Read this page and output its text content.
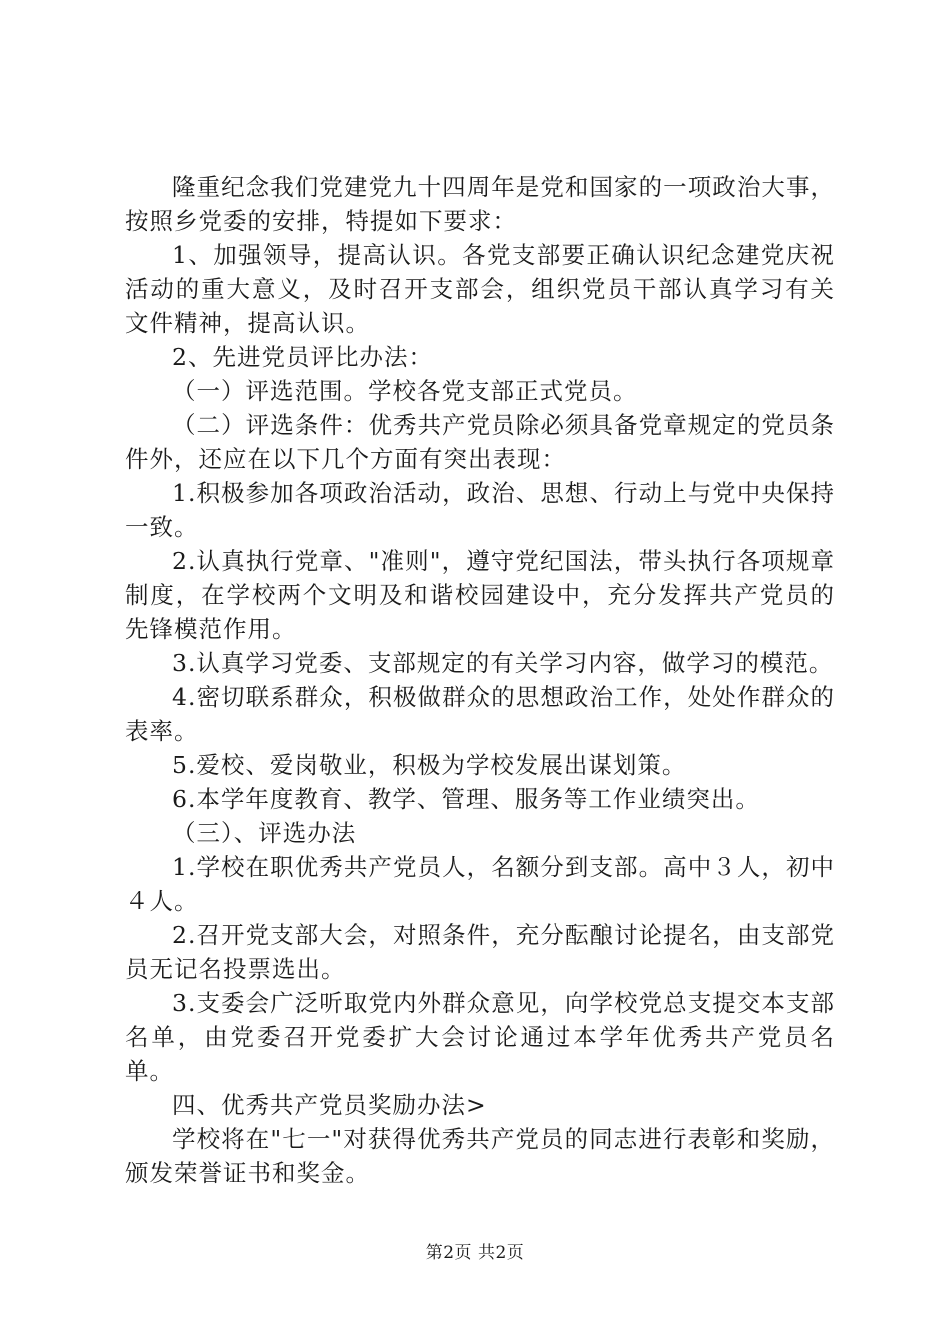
隆重纪念我们党建党九十四周年是党和国家的一项政治大事，按照乡党委的安排，特提如下要求：

1、加强领导，提高认识。各党支部要正确认识纪念建党庆祝活动的重大意义，及时召开支部会，组织党员干部认真学习有关文件精神，提高认识。

2、先进党员评比办法：

（一）评选范围。学校各党支部正式党员。

（二）评选条件：优秀共产党员除必须具备党章规定的党员条件外，还应在以下几个方面有突出表现：

1.积极参加各项政治活动，政治、思想、行动上与党中央保持一致。

2.认真执行党章、"准则"，遵守党纪国法，带头执行各项规章制度，在学校两个文明及和谐校园建设中，充分发挥共产党员的先锋模范作用。

3.认真学习党委、支部规定的有关学习内容，做学习的模范。

4.密切联系群众，积极做群众的思想政治工作，处处作群众的表率。

5.爱校、爱岗敬业，积极为学校发展出谋划策。

6.本学年度教育、教学、管理、服务等工作业绩突出。

（三）、评选办法

1.学校在职优秀共产党员人，名额分到支部。高中３人，初中４人。

2.召开党支部大会，对照条件，充分酝酿讨论提名，由支部党员无记名投票选出。

3.支委会广泛听取党内外群众意见，向学校党总支提交本支部名单，由党委召开党委扩大会讨论通过本学年优秀共产党员名单。

四、优秀共产党员奖励办法>

学校将在"七一"对获得优秀共产党员的同志进行表彰和奖励，颁发荣誉证书和奖金。

第2页 共2页
